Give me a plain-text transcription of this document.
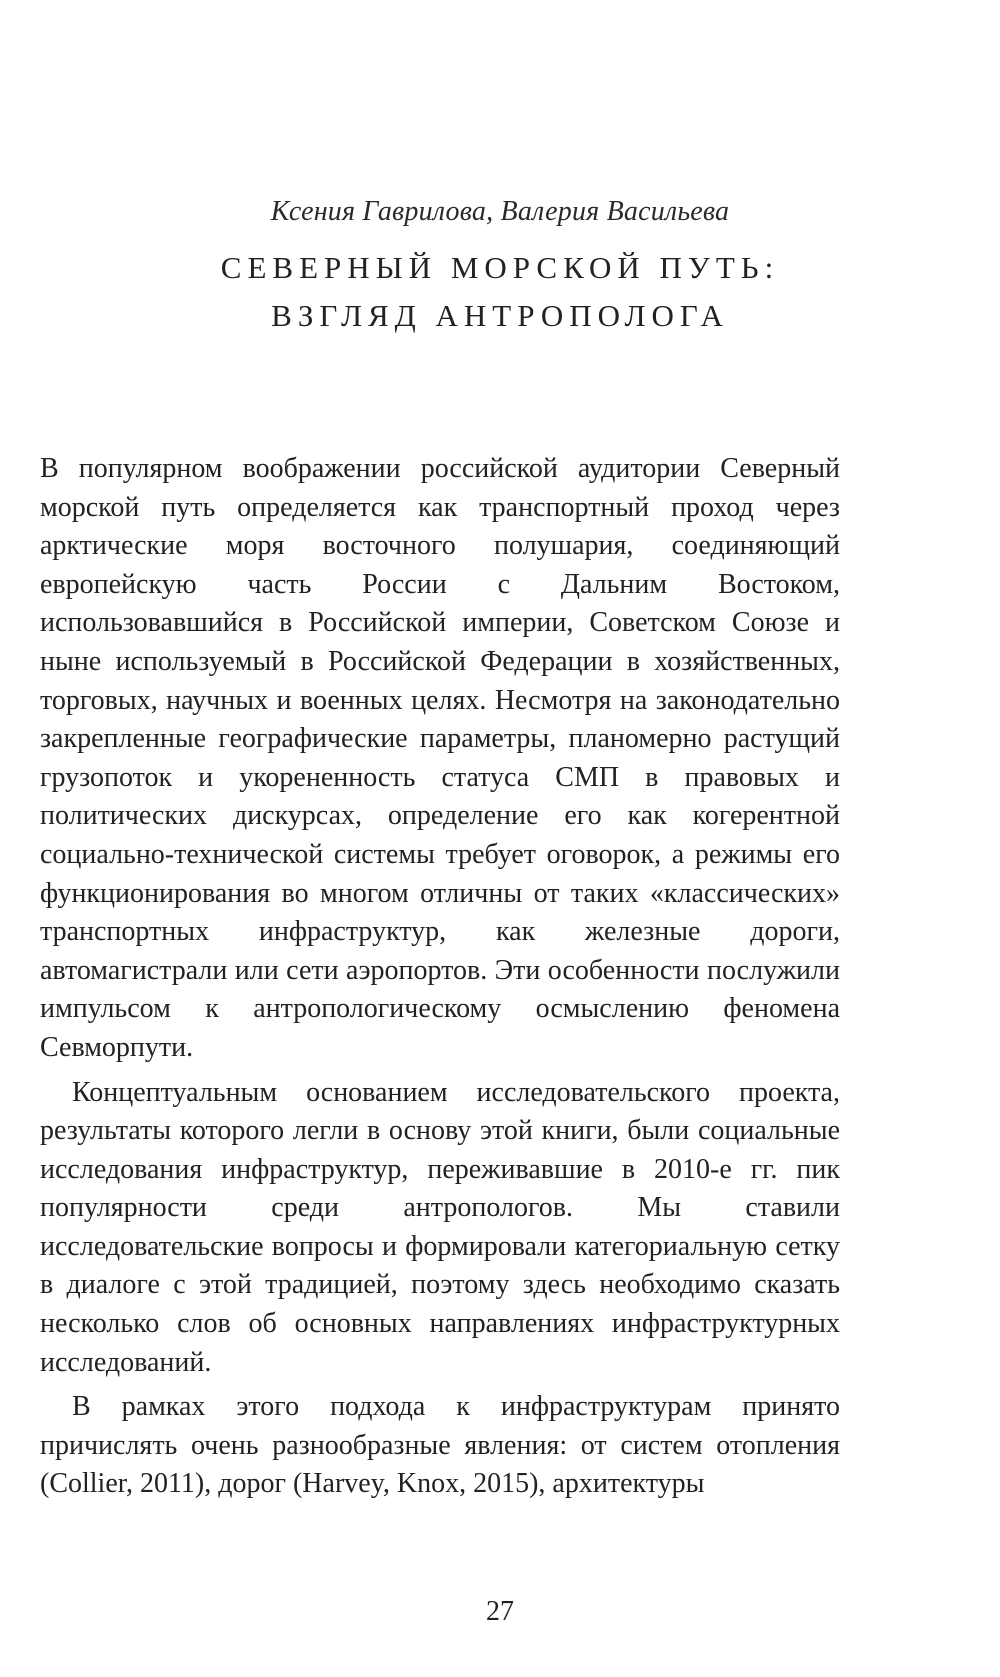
Ксения Гаврилова, Валерия Васильева

СЕВЕРНЫЙ МОРСКОЙ ПУТЬ:
ВЗГЛЯД АНТРОПОЛОГА

В популярном воображении российской аудитории Северный морской путь определяется как транспортный проход через арктические моря восточного полушария, соединяющий европейскую часть России с Дальним Востоком, использовавшийся в Российской империи, Советском Союзе и ныне используемый в Российской Федерации в хозяйственных, торговых, научных и военных целях. Несмотря на законодательно закрепленные географические параметры, планомерно растущий грузопоток и укорененность статуса СМП в правовых и политических дискурсах, определение его как когерентной социально-технической системы требует оговорок, а режимы его функционирования во многом отличны от таких «классических» транспортных инфраструктур, как железные дороги, автомагистрали или сети аэропортов. Эти особенности послужили импульсом к антропологическому осмыслению феномена Севморпути.

Концептуальным основанием исследовательского проекта, результаты которого легли в основу этой книги, были социальные исследования инфраструктур, переживавшие в 2010-е гг. пик популярности среди антропологов. Мы ставили исследовательские вопросы и формировали категориальную сетку в диалоге с этой традицией, поэтому здесь необходимо сказать несколько слов об основных направлениях инфраструктурных исследований.

В рамках этого подхода к инфраструктурам принято причислять очень разнообразные явления: от систем отопления (Collier, 2011), дорог (Harvey, Knox, 2015), архитектуры

27
